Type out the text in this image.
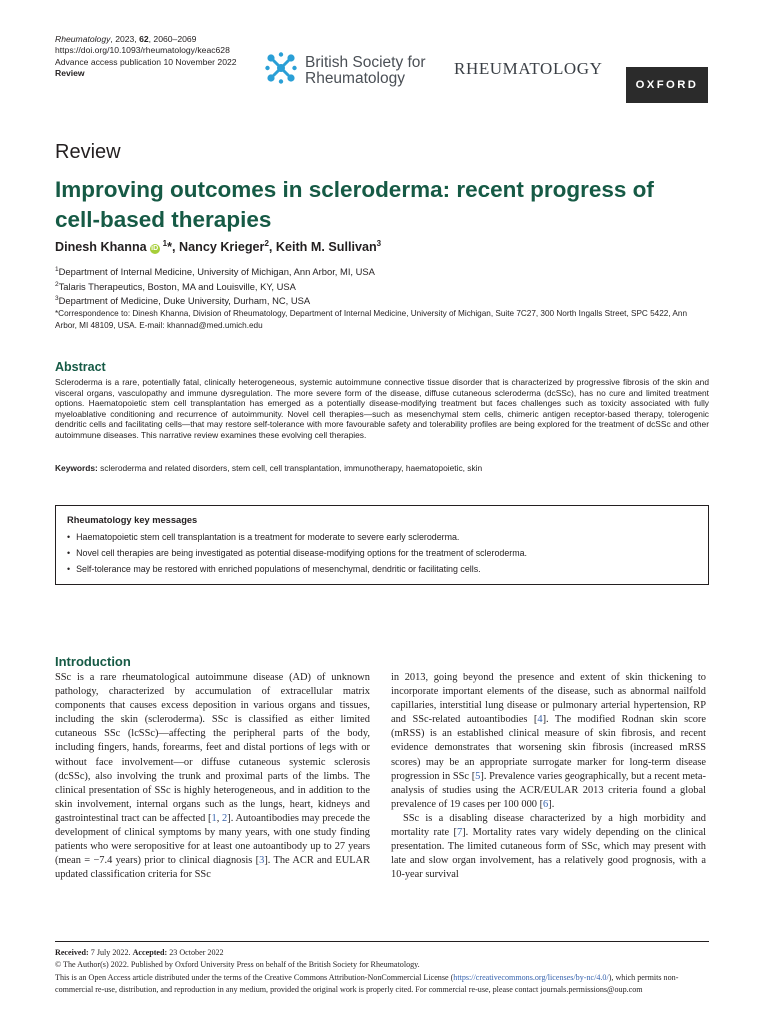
Rheumatology, 2023, 62, 2060–2069
https://doi.org/10.1093/rheumatology/keac628
Advance access publication 10 November 2022
Review
British Society for
Rheumatology
RHEUMATOLOGY
OXFORD
Review
Improving outcomes in scleroderma: recent progress of cell-based therapies
Dinesh Khanna $iD^1*$, Nancy Krieger$^2$, Keith M. Sullivan$^3$
$^1$Department of Internal Medicine, University of Michigan, Ann Arbor, MI, USA
$^2$Talaris Therapeutics, Boston, MA and Louisville, KY, USA
$^3$Department of Medicine, Duke University, Durham, NC, USA
*Correspondence to: Dinesh Khanna, Division of Rheumatology, Department of Internal Medicine, University of Michigan, Suite 7C27, 300 North Ingalls Street, SPC 5422, Ann Arbor, MI 48109, USA. E-mail: khannad@med.umich.edu
Abstract
Scleroderma is a rare, potentially fatal, clinically heterogeneous, systemic autoimmune connective tissue disorder that is characterized by progressive fibrosis of the skin and visceral organs, vasculopathy and immune dysregulation. The more severe form of the disease, diffuse cutaneous scleroderma (dcSSc), has no cure and limited treatment options. Haematopoietic stem cell transplantation has emerged as a potentially disease-modifying treatment but faces challenges such as toxicity associated with fully myeloablative conditioning and recurrence of autoimmunity. Novel cell therapies—such as mesenchymal stem cells, chimeric antigen receptor-based therapy, tolerogenic dendritic cells and facilitating cells—that may restore self-tolerance with more favourable safety and tolerability profiles are being explored for the treatment of dcSSc and other autoimmune diseases. This narrative review examines these evolving cell therapies.
Keywords: scleroderma and related disorders, stem cell, cell transplantation, immunotherapy, haematopoietic, skin
Rheumatology key messages
• Haematopoietic stem cell transplantation is a treatment for moderate to severe early scleroderma.
• Novel cell therapies are being investigated as potential disease-modifying options for the treatment of scleroderma.
• Self-tolerance may be restored with enriched populations of mesenchymal, dendritic or facilitating cells.
Introduction

SSc is a rare rheumatological autoimmune disease (AD) of unknown pathology, characterized by accumulation of extracellular matrix components that causes excess deposition in various organs and tissues, including the skin (scleroderma). SSc is classified as either limited cutaneous SSc (lcSSc)—affecting the peripheral parts of the body, including fingers, hands, forearms, feet and distal portions of legs with or without face involvement—or diffuse cutaneous systemic sclerosis (dcSSc), also involving the trunk and proximal parts of the limbs. The clinical presentation of SSc is highly heterogeneous, and in addition to the skin involvement, internal organs such as the lungs, heart, kidneys and gastrointestinal tract can be affected [1, 2]. Autoantibodies may precede the development of clinical symptoms by many years, with one study finding patients who were seropositive for at least one autoantibody up to 27 years (mean = −7.4 years) prior to clinical diagnosis [3]. The ACR and EULAR updated classification criteria for SSc

in 2013, going beyond the presence and extent of skin thickening to incorporate important elements of the disease, such as abnormal nailfold capillaries, interstitial lung disease or pulmonary arterial hypertension, RP and SSc-related autoantibodies [4]. The modified Rodnan skin score (mRSS) is an established clinical measure of skin fibrosis, and recent evidence demonstrates that worsening skin fibrosis (increased mRSS scores) may be an appropriate surrogate marker for long-term disease progression in SSc [5]. Prevalence varies geographically, but a recent meta-analysis of studies using the ACR/EULAR 2013 criteria found a global prevalence of 19 cases per 100 000 [6].

SSc is a disabling disease characterized by a high morbidity and mortality rate [7]. Mortality rates vary widely depending on the clinical presentation. The limited cutaneous form of SSc, which may present with late and slow organ involvement, has a relatively good prognosis, with a 10-year survival

Received: 7 July 2022. Accepted: 23 October 2022
© The Author(s) 2022. Published by Oxford University Press on behalf of the British Society for Rheumatology.
This is an Open Access article distributed under the terms of the Creative Commons Attribution-NonCommercial License (https://creativecommons.org/licenses/by-nc/4.0/), which permits non-commercial re-use, distribution, and reproduction in any medium, provided the original work is properly cited. For commercial re-use, please contact journals.permissions@oup.com
